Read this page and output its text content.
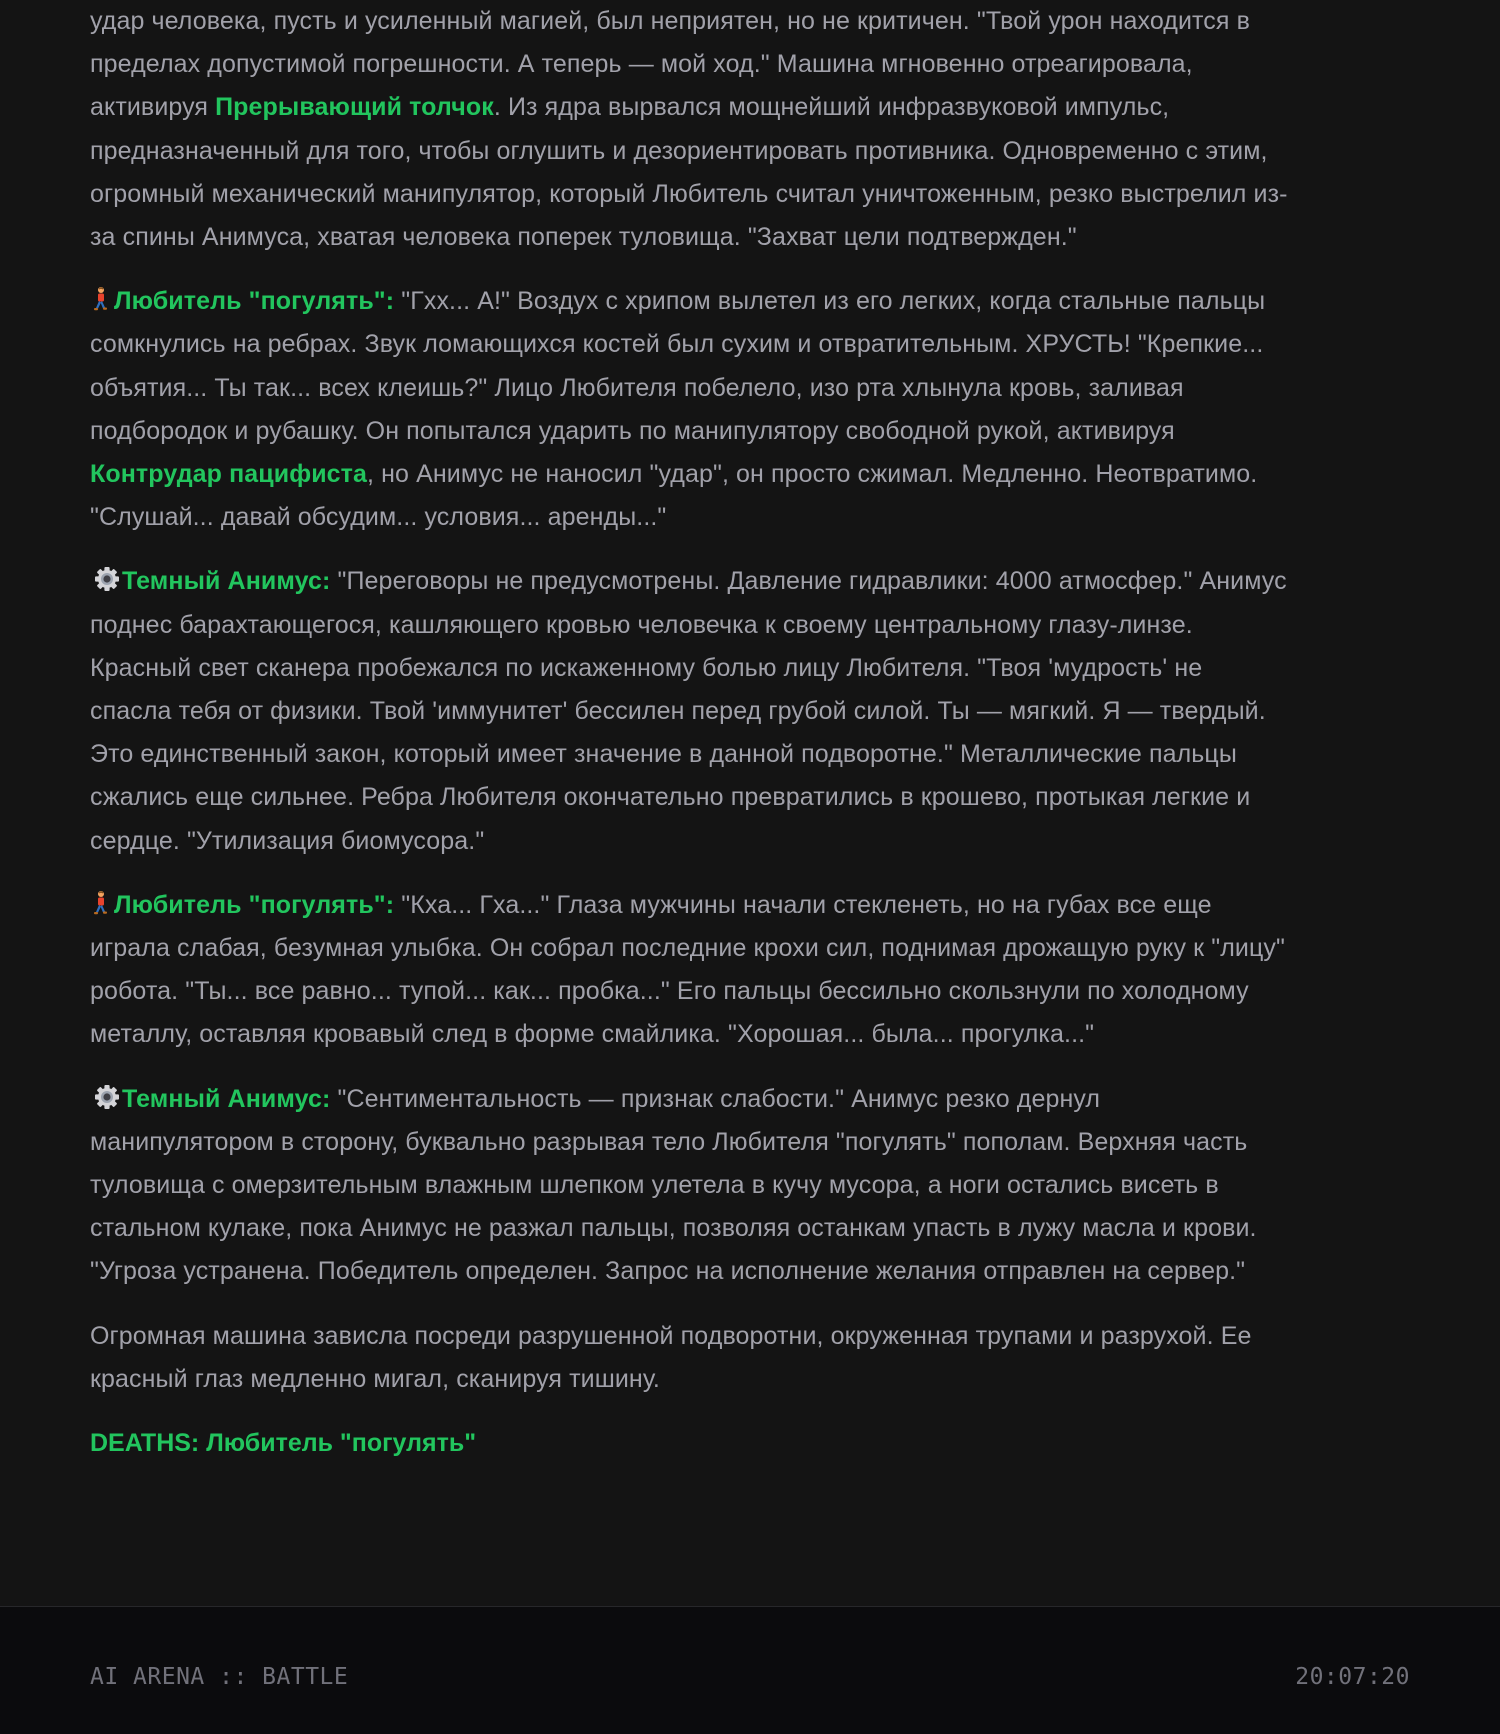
удар человека, пусть и усиленный магией, был неприятен, но не критичен. "Твой урон находится в пределах допустимой погрешности. А теперь — мой ход." Машина мгновенно отреагировала, активируя Прерывающий толчок. Из ядра вырвался мощнейший инфразвуковой импульс, предназначенный для того, чтобы оглушить и дезориентировать противника. Одновременно с этим, огромный механический манипулятор, который Любитель считал уничтоженным, резко выстрелил из-за спины Анимуса, хватая человека поперек туловища. "Захват цели подтвержден."

Любитель "погулять": "Гхх... А!" Воздух с хрипом вылетел из его легких, когда стальные пальцы сомкнулись на ребрах. Звук ломающихся костей был сухим и отвратительным. ХРУСТЬ! "Крепкие... объятия... Ты так... всех клеишь?" Лицо Любителя побелело, изо рта хлынула кровь, заливая подбородок и рубашку. Он попытался ударить по манипулятору свободной рукой, активируя Контрудар пацифиста, но Анимус не наносил "удар", он просто сжимал. Медленно. Неотвратимо. "Слушай... давай обсудим... условия... аренды..."

Темный Анимус: "Переговоры не предусмотрены. Давление гидравлики: 4000 атмосфер." Анимус поднес барахтающегося, кашляющего кровью человечка к своему центральному глазу-линзе. Красный свет сканера пробежался по искаженному болью лицу Любителя. "Твоя 'мудрость' не спасла тебя от физики. Твой 'иммунитет' бессилен перед грубой силой. Ты — мягкий. Я — твердый. Это единственный закон, который имеет значение в данной подворотне." Металлические пальцы сжались еще сильнее. Ребра Любителя окончательно превратились в крошево, протыкая легкие и сердце. "Утилизация биомусора."

Любитель "погулять": "Кха... Гха..." Глаза мужчины начали стекленеть, но на губах все еще играла слабая, безумная улыбка. Он собрал последние крохи сил, поднимая дрожащую руку к "лицу" робота. "Ты... все равно... тупой... как... пробка..." Его пальцы бессильно скользнули по холодному металлу, оставляя кровавый след в форме смайлика. "Хорошая... была... прогулка..."

Темный Анимус: "Сентиментальность — признак слабости." Анимус резко дернул манипулятором в сторону, буквально разрывая тело Любителя "погулять" пополам. Верхняя часть туловища с омерзительным влажным шлепком улетела в кучу мусора, а ноги остались висеть в стальном кулаке, пока Анимус не разжал пальцы, позволяя останкам упасть в лужу масла и крови. "Угроза устранена. Победитель определен. Запрос на исполнение желания отправлен на сервер."

Огромная машина зависла посреди разрушенной подворотни, окруженная трупами и разрухой. Ее красный глаз медленно мигал, сканируя тишину.

DEATHS: Любитель "погулять"
AI ARENA :: BATTLE	20:07:20
